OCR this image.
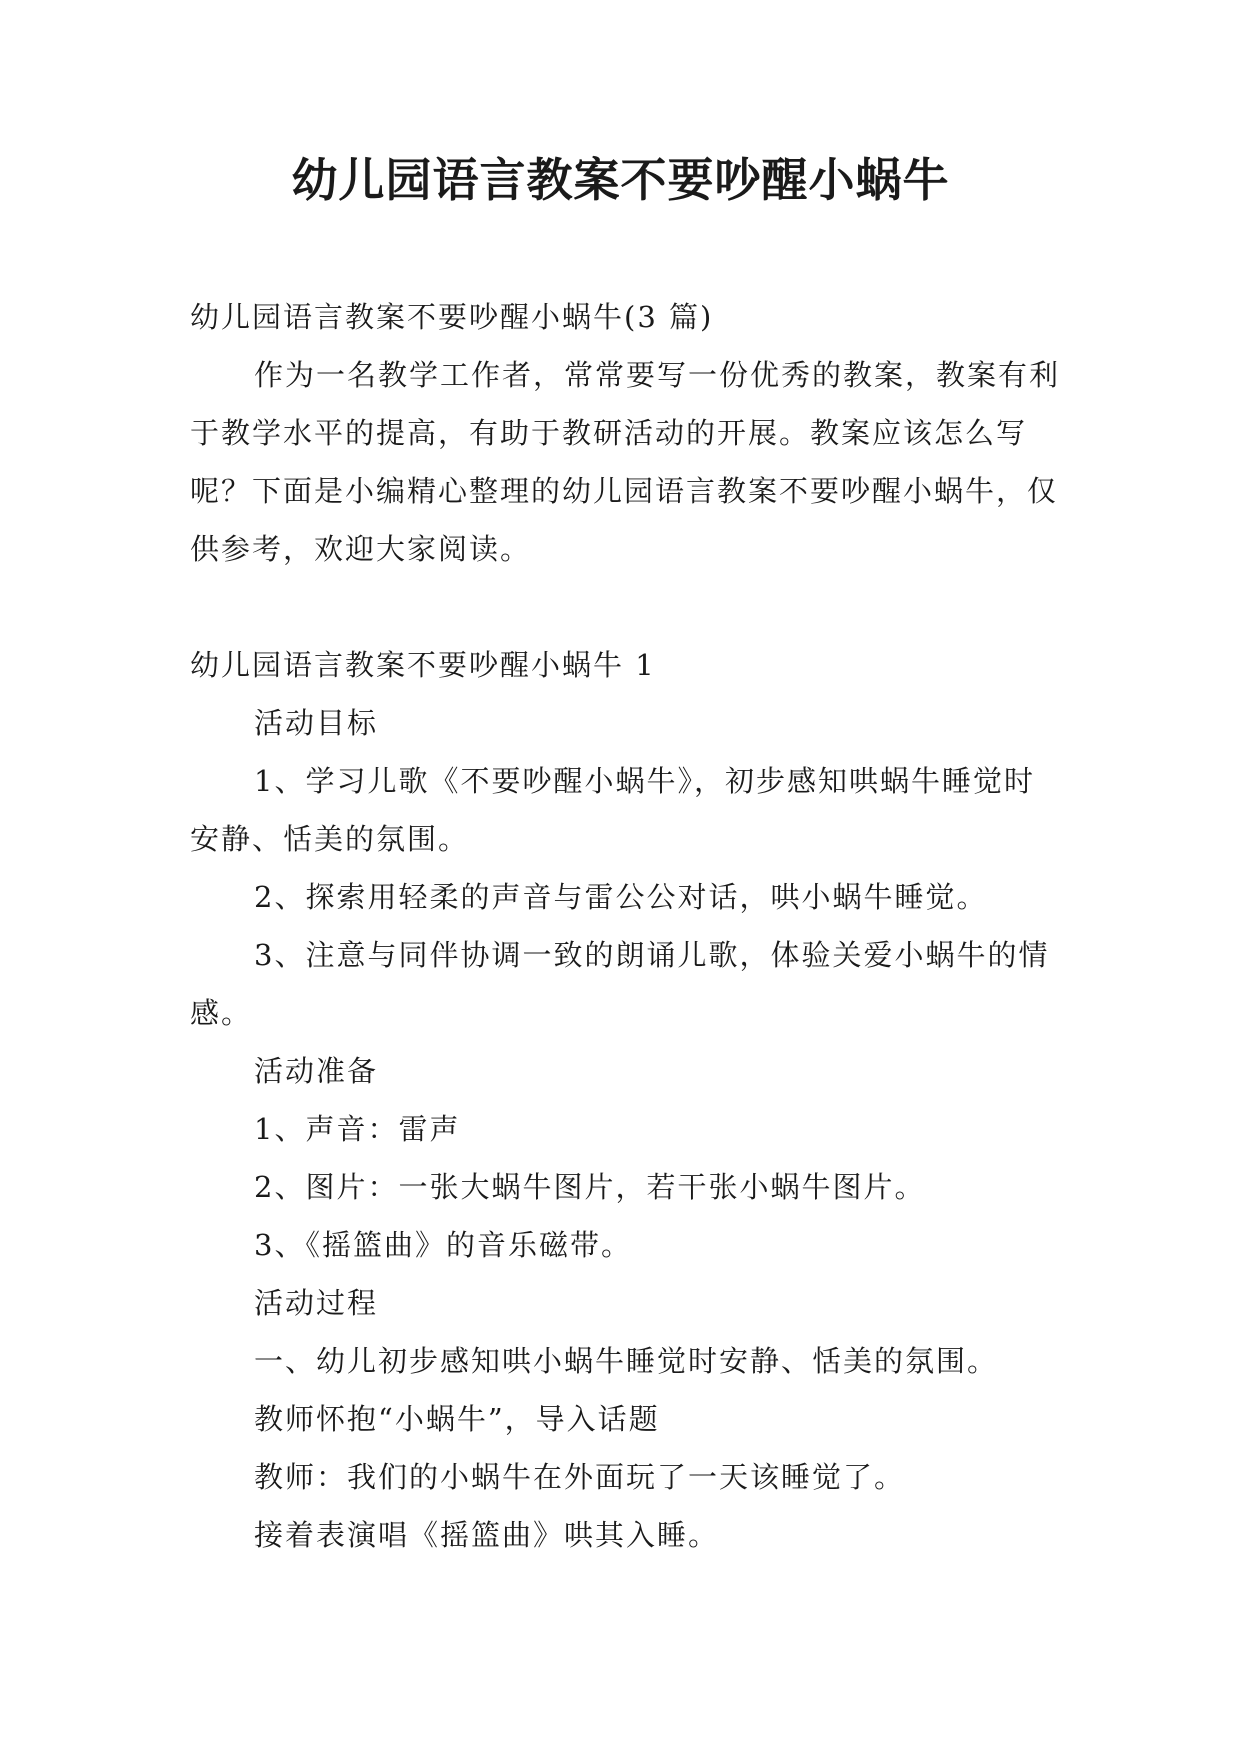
幼儿园语言教案不要吵醒小蜗牛

幼儿园语言教案不要吵醒小蜗牛(3 篇)

作为一名教学工作者，常常要写一份优秀的教案，教案有利于教学水平的提高，有助于教研活动的开展。教案应该怎么写呢？下面是小编精心整理的幼儿园语言教案不要吵醒小蜗牛，仅供参考，欢迎大家阅读。

幼儿园语言教案不要吵醒小蜗牛 1

活动目标

1、学习儿歌《不要吵醒小蜗牛》，初步感知哄蜗牛睡觉时安静、恬美的氛围。

2、探索用轻柔的声音与雷公公对话，哄小蜗牛睡觉。

3、注意与同伴协调一致的朗诵儿歌，体验关爱小蜗牛的情感。

活动准备

1、声音：雷声

2、图片：一张大蜗牛图片，若干张小蜗牛图片。

3、《摇篮曲》的音乐磁带。

活动过程

一、幼儿初步感知哄小蜗牛睡觉时安静、恬美的氛围。

教师怀抱“小蜗牛”，导入话题

教师：我们的小蜗牛在外面玩了一天该睡觉了。

接着表演唱《摇篮曲》哄其入睡。
